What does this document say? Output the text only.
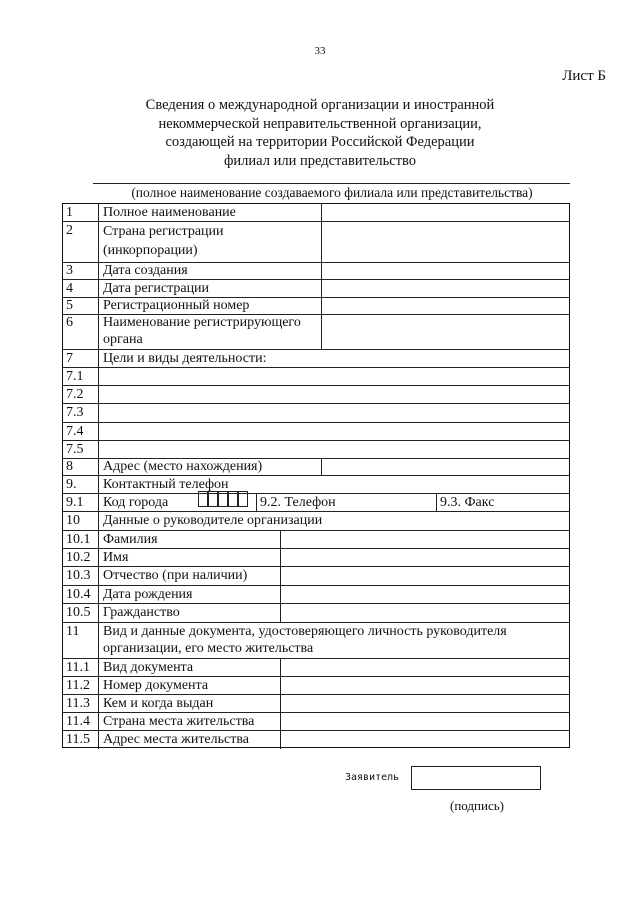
33
Лист Б
Сведения о международной организации и иностранной
некоммерческой неправительственной организации,
создающей на территории Российской Федерации
филиал или представительство
(полное наименование создаваемого филиала или представительства)
1 Полное наименование
2 Страна регистрации (инкорпорации)
3 Дата создания
4 Дата регистрации
5 Регистрационный номер
6 Наименование регистрирующего органа
7 Цели и виды деятельности:
7.1
7.2
7.3
7.4
7.5
8 Адрес (место нахождения)
9. Контактный телефон
9.1 Код города	9.2. Телефон	9.3. Факс
10 Данные о руководителе организации
10.1 Фамилия
10.2 Имя
10.3 Отчество (при наличии)
10.4 Дата рождения
10.5 Гражданство
11 Вид и данные документа, удостоверяющего личность руководителя организации, его место жительства
11.1 Вид документа
11.2 Номер документа
11.3 Кем и когда выдан
11.4 Страна места жительства
11.5 Адрес места жительства
Заявитель
(подпись)
